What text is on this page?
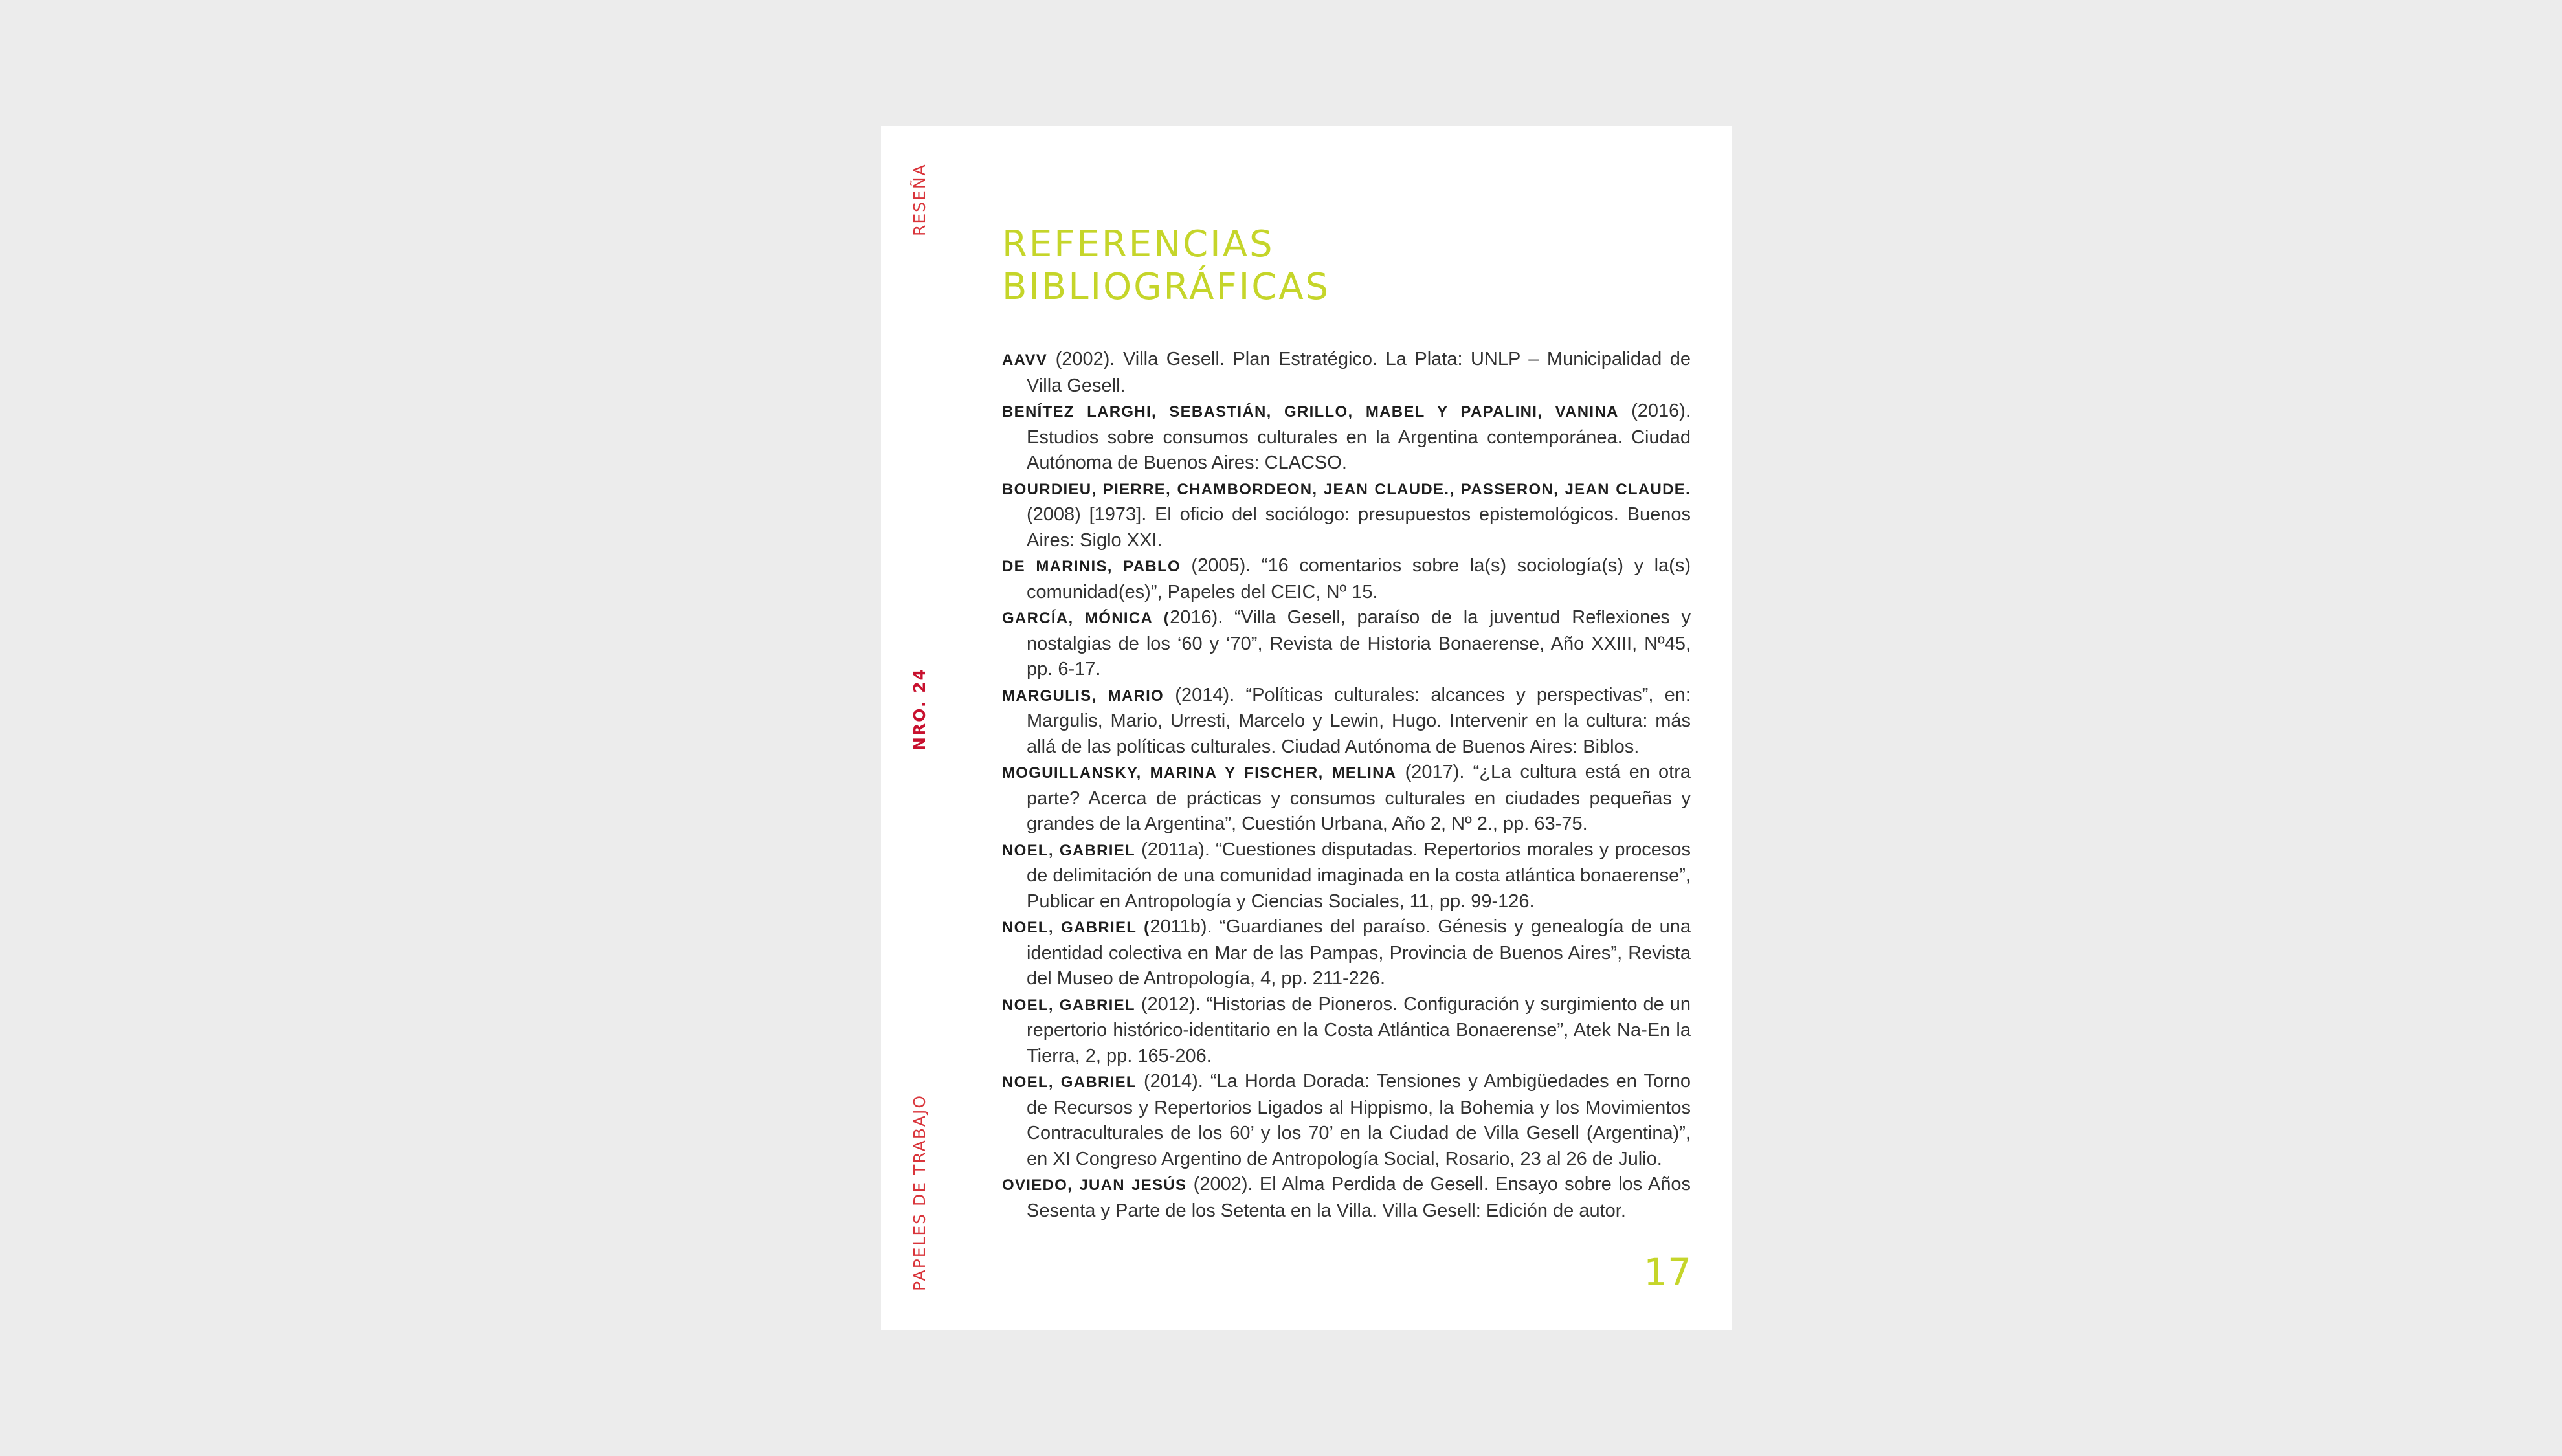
RESEÑA
NRO. 24
PAPELES DE TRABAJO
REFERENCIAS
BIBLIOGRÁFICAS

AAVV (2002). Villa Gesell. Plan Estratégico. La Plata: UNLP – Municipalidad de Villa Gesell.

BENÍTEZ LARGHI, SEBASTIÁN, GRILLO, MABEL Y PAPALINI, VANINA (2016). Estudios sobre consumos culturales en la Argentina contemporánea. Ciudad Autónoma de Buenos Aires: CLACSO.

BOURDIEU, PIERRE, CHAMBORDEON, JEAN CLAUDE., PASSERON, JEAN CLAUDE. (2008) [1973]. El oficio del sociólogo: presupuestos epistemológicos. Buenos Aires: Siglo XXI.

DE MARINIS, PABLO (2005). “16 comentarios sobre la(s) sociología(s) y la(s) comunidad(es)”, Papeles del CEIC, Nº 15.

GARCÍA, MÓNICA (2016). “Villa Gesell, paraíso de la juventud Reflexiones y nostalgias de los ‘60 y ‘70”, Revista de Historia Bonaerense, Año XXIII, Nº45, pp. 6-17.

MARGULIS, MARIO (2014). “Políticas culturales: alcances y perspectivas”, en: Margulis, Mario, Urresti, Marcelo y Lewin, Hugo. Intervenir en la cultura: más allá de las políticas culturales. Ciudad Autónoma de Buenos Aires: Biblos.

MOGUILLANSKY, MARINA Y FISCHER, MELINA (2017). “¿La cultura está en otra parte? Acerca de prácticas y consumos culturales en ciudades pequeñas y grandes de la Argentina”, Cuestión Urbana, Año 2, Nº 2., pp. 63-75.

NOEL, GABRIEL (2011a). “Cuestiones disputadas. Repertorios morales y procesos de delimitación de una comunidad imaginada en la costa atlántica bonaerense”, Publicar en Antropología y Ciencias Sociales, 11, pp. 99-126.

NOEL, GABRIEL (2011b). “Guardianes del paraíso. Génesis y genealogía de una identidad colectiva en Mar de las Pampas, Provincia de Buenos Aires”, Revista del Museo de Antropología, 4, pp. 211-226.

NOEL, GABRIEL (2012). “Historias de Pioneros. Configuración y surgimiento de un repertorio histórico-identitario en la Costa Atlántica Bonaerense”, Atek Na-En la Tierra, 2, pp. 165-206.

NOEL, GABRIEL (2014). “La Horda Dorada: Tensiones y Ambigüedades en Torno de Recursos y Repertorios Ligados al Hippismo, la Bohemia y los Movimientos Contraculturales de los 60’ y los 70’ en la Ciudad de Villa Gesell (Argentina)”, en XI Congreso Argentino de Antropología Social, Rosario, 23 al 26 de Julio.

OVIEDO, JUAN JESÚS (2002). El Alma Perdida de Gesell. Ensayo sobre los Años Sesenta y Parte de los Setenta en la Villa. Villa Gesell: Edición de autor.

17
